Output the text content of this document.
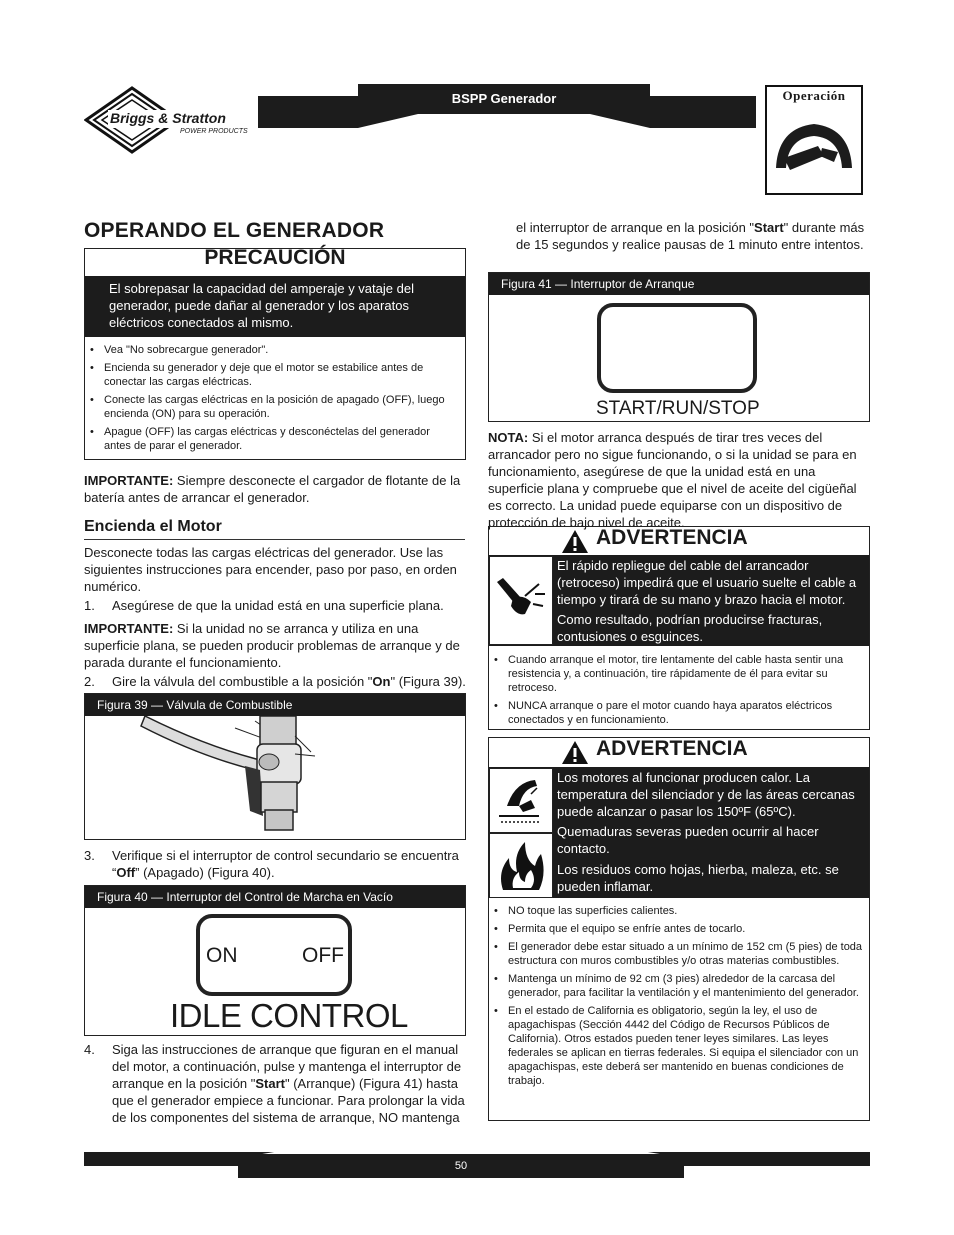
Briggs & Stratton
POWER PRODUCTS
BSPP Generador	Operación
OPERANDO EL GENERADOR
PRECAUCIÓN
El sobrepasar la capacidad del amperaje y vataje del generador, puede dañar al generador y los aparatos eléctricos conectados al mismo.
• Vea "No sobrecargue generador".
• Encienda su generador y deje que el motor se estabilice antes de conectar las cargas eléctricas.
• Conecte las cargas eléctricas en la posición de apagado (OFF), luego encienda (ON) para su operación.
• Apague (OFF) las cargas eléctricas y desconéctelas del generador antes de parar el generador.
IMPORTANTE: Siempre desconecte el cargador de flotante de la batería antes de arrancar el generador.
Encienda el Motor
Desconecte todas las cargas eléctricas del generador. Use las siguientes instrucciones para encender, paso por paso, en orden numérico.
1. Asegúrese de que la unidad está en una superficie plana.
IMPORTANTE: Si la unidad no se arranca y utiliza en una superficie plana, se pueden producir problemas de arranque y de parada durante el funcionamiento.
2. Gire la válvula del combustible a la posición "On" (Figura 39).
Figura 39 — Válvula de Combustible
3. Verifique si el interruptor de control secundario se encuentra “Off” (Apagado) (Figura 40).
Figura 40 — Interruptor del Control de Marcha en Vacío
ON	OFF
IDLE CONTROL
4. Siga las instrucciones de arranque que figuran en el manual del motor, a continuación, pulse y mantenga el interruptor de arranque en la posición "Start" (Arranque) (Figura 41) hasta que el generador empiece a funcionar. Para prolongar la vida de los componentes del sistema de arranque, NO mantenga
el interruptor de arranque en la posición "Start" durante más de 15 segundos y realice pausas de 1 minuto entre intentos.
Figura 41 — Interruptor de Arranque
START/RUN/STOP
NOTA: Si el motor arranca después de tirar tres veces del arrancador pero no sigue funcionando, o si la unidad se para en funcionamiento, asegúrese de que la unidad está en una superficie plana y compruebe que el nivel de aceite del cigüeñal es correcto. La unidad puede equiparse con un dispositivo de protección de bajo nivel de aceite.
ADVERTENCIA
El rápido repliegue del cable del arrancador (retroceso) impedirá que el usuario suelte el cable a tiempo y tirará de su mano y brazo hacia el motor.
Como resultado, podrían producirse fracturas, contusiones o esguinces.
• Cuando arranque el motor, tire lentamente del cable hasta sentir una resistencia y, a continuación, tire rápidamente de él para evitar su retroceso.
• NUNCA arranque o pare el motor cuando haya aparatos eléctricos conectados y en funcionamiento.
ADVERTENCIA
Los motores al funcionar producen calor. La temperatura del silenciador y de las áreas cercanas puede alcanzar o pasar los 150ºF (65ºC).
Quemaduras severas pueden ocurrir al hacer contacto.
Los residuos como hojas, hierba, maleza, etc. se pueden inflamar.
• NO toque las superficies calientes.
• Permita que el equipo se enfríe antes de tocarlo.
• El generador debe estar situado a un mínimo de 152 cm (5 pies) de toda estructura con muros combustibles y/o otras materias combustibles.
• Mantenga un mínimo de 92 cm (3 pies) alrededor de la carcasa del generador, para facilitar la ventilación y el mantenimiento del generador.
• En el estado de California es obligatorio, según la ley, el uso de apagachispas (Sección 4442 del Código de Recursos Públicos de California). Otros estados pueden tener leyes similares. Las leyes federales se aplican en tierras federales. Si equipa el silenciador con un apagachispas, este deberá ser mantenido en buenas condiciones de trabajo.
50
